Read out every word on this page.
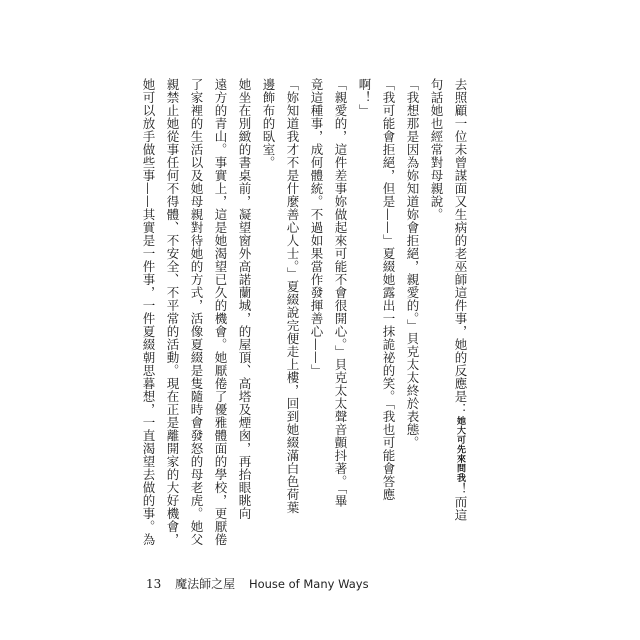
去照顧一位未曾謀面又生病的老巫師這件事，她的反應是：她大可先來問我！而這
句話她也經常對母親說。
「我想那是因為妳知道妳會拒絕，親愛的。」貝克太太終於表態。
「我可能會拒絕，但是——」夏綴她露出一抹詭祕的笑。「我也可能會答應
啊！」
「親愛的，這件差事妳做起來可能不會很開心。」貝克太太聲音顫抖著。「畢
竟這種事，成何體統。不過如果當作發揮善心——」
「妳知道我才不是什麼善心人士。」夏綴說完便走上樓，回到她綴滿白色荷葉
邊飾布的臥室。
她坐在別緻的書桌前，凝望窗外高諾蘭城，的屋頂、高塔及煙囪，再抬眼眺向
遠方的青山。事實上，這是她渴望已久的機會。她厭倦了優雅體面的學校，更厭倦
了家裡的生活以及她母親對待她的方式，活像夏綴是隻隨時會發怒的母老虎。她父
親禁止她從事任何不得體、不安全、不平常的活動。現在正是離開家的大好機會，
她可以放手做些事——其實是一件事，一件夏綴朝思暮想，一直渴望去做的事。為
13 魔法師之屋 House of Many Ways
